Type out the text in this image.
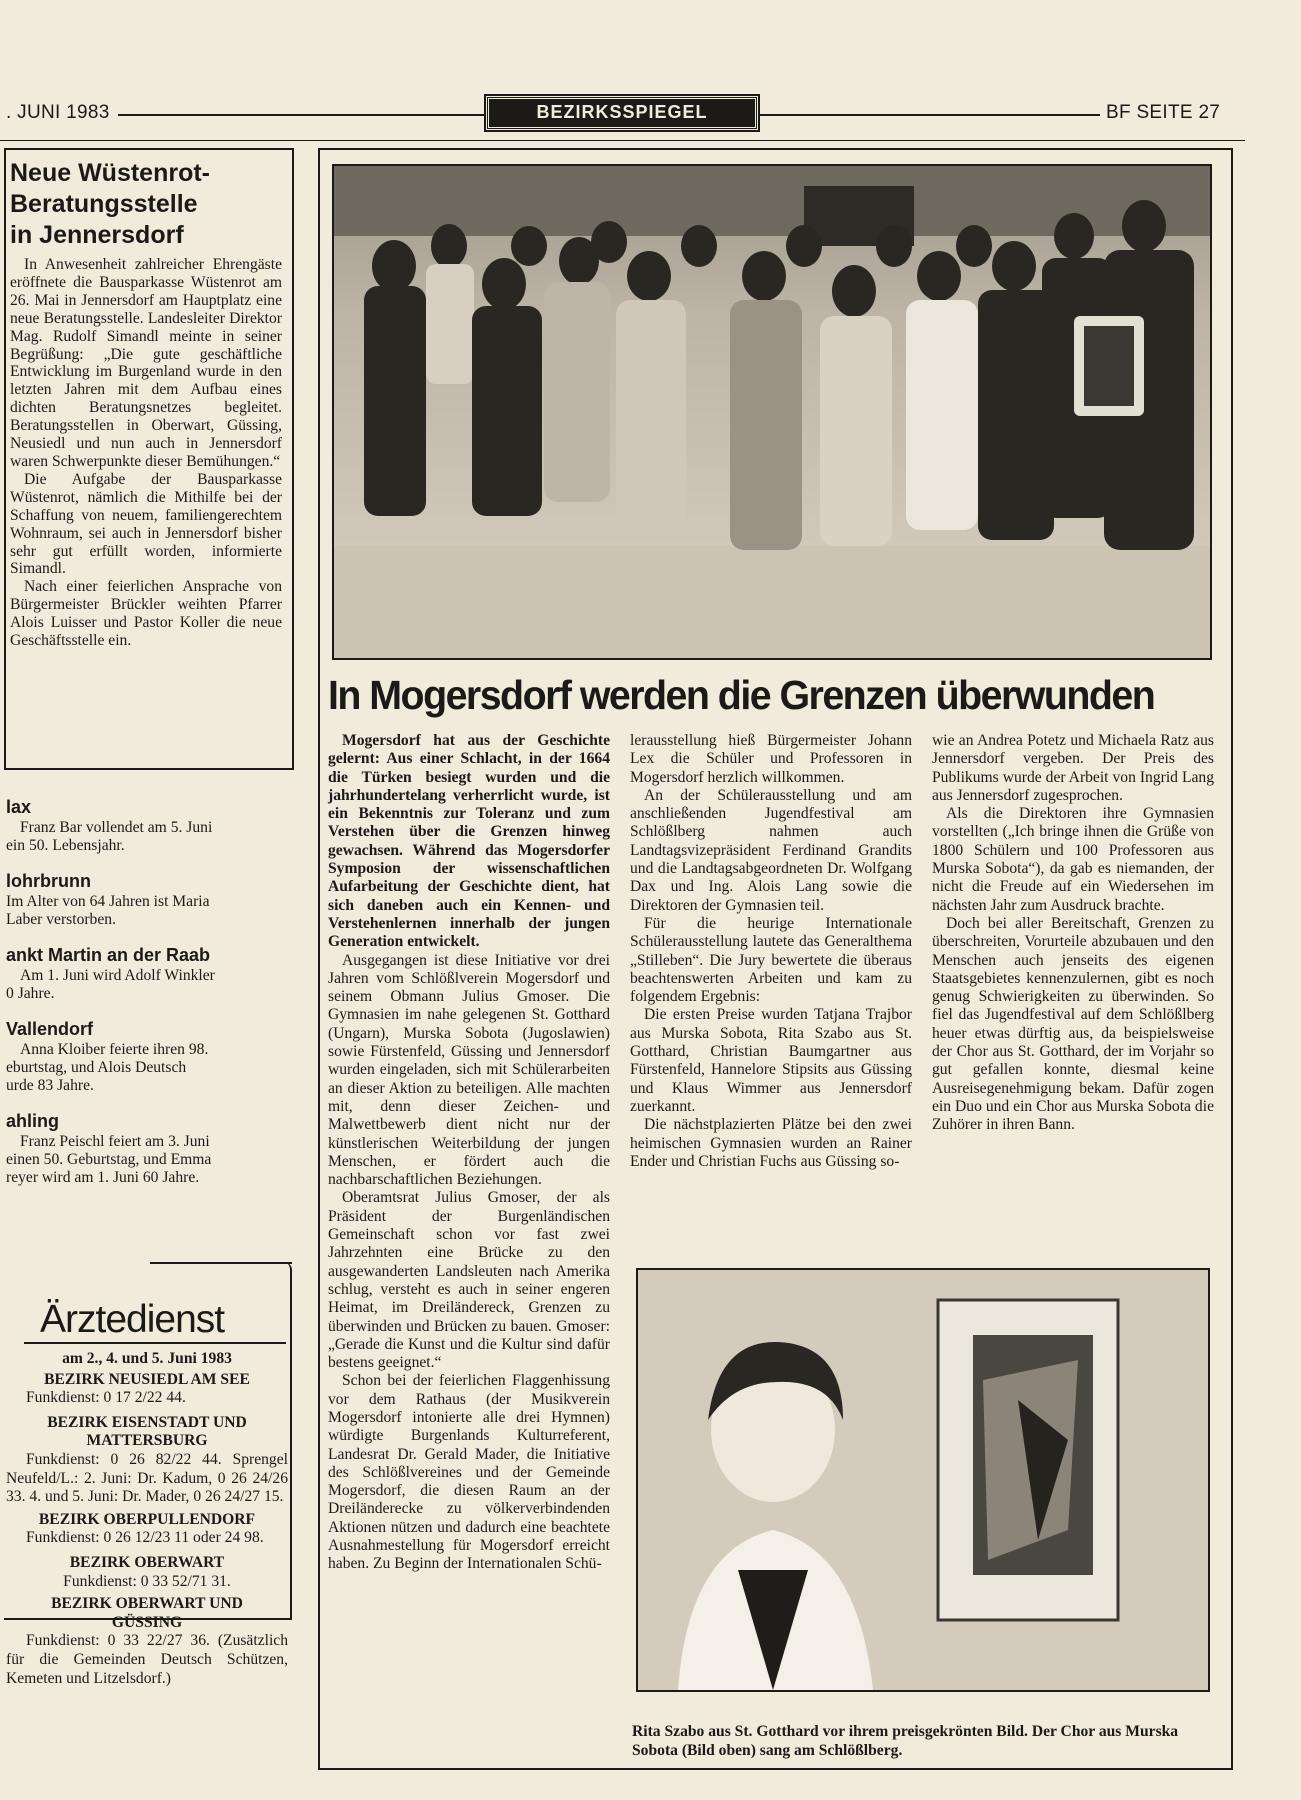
. JUNI 1983	BEZIRKSSPIEGEL	BF SEITE 27
Neue Wüstenrot-
Beratungsstelle
in Jennersdorf

In Anwesenheit zahlreicher Ehrengäste eröffnete die Bausparkasse Wüstenrot am 26. Mai in Jennersdorf am Hauptplatz eine neue Beratungsstelle. Landesleiter Direktor Mag. Rudolf Simandl meinte in seiner Begrüßung: „Die gute geschäftliche Entwicklung im Burgenland wurde in den letzten Jahren mit dem Aufbau eines dichten Beratungsnetzes begleitet. Beratungsstellen in Oberwart, Güssing, Neusiedl und nun auch in Jennersdorf waren Schwerpunkte dieser Bemühungen.“

Die Aufgabe der Bausparkasse Wüstenrot, nämlich die Mithilfe bei der Schaffung von neuem, familiengerechtem Wohnraum, sei auch in Jennersdorf bisher sehr gut erfüllt worden, informierte Simandl.

Nach einer feierlichen Ansprache von Bürgermeister Brückler weihten Pfarrer Alois Luisser und Pastor Koller die neue Geschäftsstelle ein.

lax
Franz Bar vollendet am 5. Juni
ein 50. Lebensjahr.
lohrbrunn
Im Alter von 64 Jahren ist Maria
Laber verstorben.
ankt Martin an der Raab
Am 1. Juni wird Adolf Winkler
0 Jahre.
Vallendorf
Anna Kloiber feierte ihren 98.
eburtstag, und Alois Deutsch
urde 83 Jahre.
ahling
Franz Peischl feiert am 3. Juni
einen 50. Geburtstag, und Emma
reyer wird am 1. Juni 60 Jahre.
Ärztedienst
am 2., 4. und 5. Juni 1983
BEZIRK NEUSIEDL AM SEE
Funkdienst: 0 17 2/22 44.
BEZIRK EISENSTADT UND MATTERSBURG
Funkdienst: 0 26 82/22 44. Sprengel Neufeld/L.: 2. Juni: Dr. Kadum, 0 26 24/26 33. 4. und 5. Juni: Dr. Mader, 0 26 24/27 15.
BEZIRK OBERPULLENDORF
Funkdienst: 0 26 12/23 11 oder 24 98.
BEZIRK OBERWART
Funkdienst: 0 33 52/71 31.
BEZIRK OBERWART UND GÜSSING
Funkdienst: 0 33 22/27 36. (Zusätzlich für die Gemeinden Deutsch Schützen, Kemeten und Litzelsdorf.)
In Mogersdorf werden die Grenzen überwunden

Mogersdorf hat aus der Geschichte gelernt: Aus einer Schlacht, in der 1664 die Türken besiegt wurden und die jahrhundertelang verherrlicht wurde, ist ein Bekenntnis zur Toleranz und zum Verstehen über die Grenzen hinweg gewachsen. Während das Mogersdorfer Symposion der wissenschaftlichen Aufarbeitung der Geschichte dient, hat sich daneben auch ein Kennen- und Verstehenlernen innerhalb der jungen Generation entwickelt.

Ausgegangen ist diese Initiative vor drei Jahren vom Schlößlverein Mogersdorf und seinem Obmann Julius Gmoser. Die Gymnasien im nahe gelegenen St. Gotthard (Ungarn), Murska Sobota (Jugoslawien) sowie Fürstenfeld, Güssing und Jennersdorf wurden eingeladen, sich mit Schülerarbeiten an dieser Aktion zu beteiligen. Alle machten mit, denn dieser Zeichen- und Malwettbewerb dient nicht nur der künstlerischen Weiterbildung der jungen Menschen, er fördert auch die nachbarschaftlichen Beziehungen.

Oberamtsrat Julius Gmoser, der als Präsident der Burgenländischen Gemeinschaft schon vor fast zwei Jahrzehnten eine Brücke zu den ausgewanderten Landsleuten nach Amerika schlug, versteht es auch in seiner engeren Heimat, im Dreiländereck, Grenzen zu überwinden und Brücken zu bauen. Gmoser: „Gerade die Kunst und die Kultur sind dafür bestens geeignet.“

Schon bei der feierlichen Flaggenhissung vor dem Rathaus (der Musikverein Mogersdorf intonierte alle drei Hymnen) würdigte Burgenlands Kulturreferent, Landesrat Dr. Gerald Mader, die Initiative des Schlößlvereines und der Gemeinde Mogersdorf, die diesen Raum an der Dreiländerecke zu völkerverbindenden Aktionen nützen und dadurch eine beachtete Ausnahmestellung für Mogersdorf erreicht haben. Zu Beginn der Internationalen Schü-

lerausstellung hieß Bürgermeister Johann Lex die Schüler und Professoren in Mogersdorf herzlich willkommen.

An der Schülerausstellung und am anschließenden Jugendfestival am Schlößlberg nahmen auch Landtagsvizepräsident Ferdinand Grandits und die Landtagsabgeordneten Dr. Wolfgang Dax und Ing. Alois Lang sowie die Direktoren der Gymnasien teil.

Für die heurige Internationale Schülerausstellung lautete das Generalthema „Stilleben“. Die Jury bewertete die überaus beachtenswerten Arbeiten und kam zu folgendem Ergebnis:

Die ersten Preise wurden Tatjana Trajbor aus Murska Sobota, Rita Szabo aus St. Gotthard, Christian Baumgartner aus Fürstenfeld, Hannelore Stipsits aus Güssing und Klaus Wimmer aus Jennersdorf zuerkannt.

Die nächstplazierten Plätze bei den zwei heimischen Gymnasien wurden an Rainer Ender und Christian Fuchs aus Güssing so-

wie an Andrea Potetz und Michaela Ratz aus Jennersdorf vergeben. Der Preis des Publikums wurde der Arbeit von Ingrid Lang aus Jennersdorf zugesprochen.

Als die Direktoren ihre Gymnasien vorstellten („Ich bringe ihnen die Grüße von 1800 Schülern und 100 Professoren aus Murska Sobota“), da gab es niemanden, der nicht die Freude auf ein Wiedersehen im nächsten Jahr zum Ausdruck brachte.

Doch bei aller Bereitschaft, Grenzen zu überschreiten, Vorurteile abzubauen und den Menschen auch jenseits des eigenen Staatsgebietes kennenzulernen, gibt es noch genug Schwierigkeiten zu überwinden. So fiel das Jugendfestival auf dem Schlößlberg heuer etwas dürftig aus, da beispielsweise der Chor aus St. Gotthard, der im Vorjahr so gut gefallen konnte, diesmal keine Ausreisegenehmigung bekam. Dafür zogen ein Duo und ein Chor aus Murska Sobota die Zuhörer in ihren Bann.

Rita Szabo aus St. Gotthard vor ihrem preisgekrönten Bild. Der Chor aus Murska Sobota (Bild oben) sang am Schlößlberg.
